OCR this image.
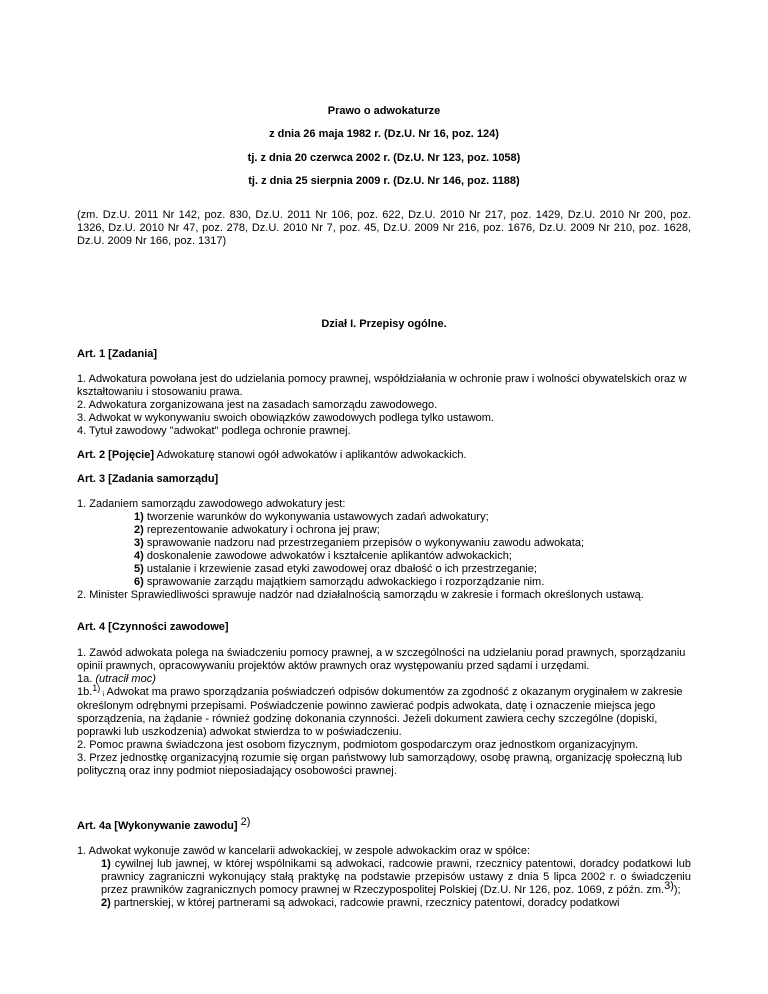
Prawo o adwokaturze
z dnia 26 maja 1982 r. (Dz.U. Nr 16, poz. 124)
tj. z dnia 20 czerwca 2002 r. (Dz.U. Nr 123, poz. 1058)
tj. z dnia 25 sierpnia 2009 r. (Dz.U. Nr 146, poz. 1188)
(zm. Dz.U. 2011 Nr 142, poz. 830, Dz.U. 2011 Nr 106, poz. 622, Dz.U. 2010 Nr 217, poz. 1429, Dz.U. 2010 Nr 200, poz. 1326, Dz.U. 2010 Nr 47, poz. 278, Dz.U. 2010 Nr 7, poz. 45, Dz.U. 2009 Nr 216, poz. 1676, Dz.U. 2009 Nr 210, poz. 1628, Dz.U. 2009 Nr 166, poz. 1317)
Dział I. Przepisy ogólne.

Art. 1 [Zadania]

1. Adwokatura powołana jest do udzielania pomocy prawnej, współdziałania w ochronie praw i wolności obywatelskich oraz w kształtowaniu i stosowaniu prawa.

2. Adwokatura zorganizowana jest na zasadach samorządu zawodowego.

3. Adwokat w wykonywaniu swoich obowiązków zawodowych podlega tylko ustawom.

4. Tytuł zawodowy "adwokat" podlega ochronie prawnej.

Art. 2 [Pojęcie] Adwokaturę stanowi ogół adwokatów i aplikantów adwokackich.

Art. 3 [Zadania samorządu]

1. Zadaniem samorządu zawodowego adwokatury jest:

1) tworzenie warunków do wykonywania ustawowych zadań adwokatury;

2) reprezentowanie adwokatury i ochrona jej praw;

3) sprawowanie nadzoru nad przestrzeganiem przepisów o wykonywaniu zawodu adwokata;

4) doskonalenie zawodowe adwokatów i kształcenie aplikantów adwokackich;

5) ustalanie i krzewienie zasad etyki zawodowej oraz dbałość o ich przestrzeganie;

6) sprawowanie zarządu majątkiem samorządu adwokackiego i rozporządzanie nim.

2. Minister Sprawiedliwości sprawuje nadzór nad działalnością samorządu w zakresie i formach określonych ustawą.

Art. 4 [Czynności zawodowe]

1. Zawód adwokata polega na świadczeniu pomocy prawnej, a w szczególności na udzielaniu porad prawnych, sporządzaniu opinii prawnych, opracowywaniu projektów aktów prawnych oraz występowaniu przed sądami i urzędami.

1a. (utracił moc)

1b.$^{1)}$ ¡ Adwokat ma prawo sporządzania poświadczeń odpisów dokumentów za zgodność z okazanym oryginałem w zakresie określonym odrębnymi przepisami. Poświadczenie powinno zawierać podpis adwokata, datę i oznaczenie miejsca jego sporządzenia, na żądanie - również godzinę dokonania czynności. Jeżeli dokument zawiera cechy szczególne (dopiski, poprawki lub uszkodzenia) adwokat stwierdza to w poświadczeniu.

2. Pomoc prawna świadczona jest osobom fizycznym, podmiotom gospodarczym oraz jednostkom organizacyjnym.

3. Przez jednostkę organizacyjną rozumie się organ państwowy lub samorządowy, osobę prawną, organizację społeczną lub polityczną oraz inny podmiot nieposiadający osobowości prawnej.

Art. 4a [Wykonywanie zawodu] 2)

1. Adwokat wykonuje zawód w kancelarii adwokackiej, w zespole adwokackim oraz w spółce:

1) cywilnej lub jawnej, w której wspólnikami są adwokaci, radcowie prawni, rzecznicy patentowi, doradcy podatkowi lub prawnicy zagraniczni wykonujący stałą praktykę na podstawie przepisów ustawy z dnia 5 lipca 2002 r. o świadczeniu przez prawników zagranicznych pomocy prawnej w Rzeczypospolitej Polskiej (Dz.U. Nr 126, poz. 1069, z późn. zm.3));

2) partnerskiej, w której partnerami są adwokaci, radcowie prawni, rzecznicy patentowi, doradcy podatkowi
